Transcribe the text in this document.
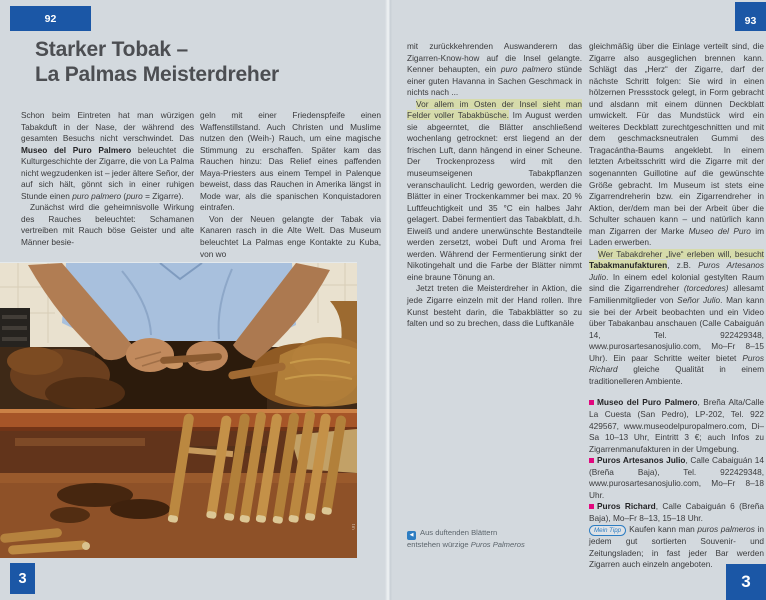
92	93
3	3
Starker Tobak –
La Palmas Meisterdreher

Schon beim Eintreten hat man würzigen Tabakduft in der Nase, der während des gesamten Besuchs nicht verschwindet. Das Museo del Puro Palmero beleuchtet die Kulturgeschichte der Zigarre, die von La Palma nicht wegzudenken ist – jeder ältere Señor, der auf sich hält, gönnt sich in einer ruhigen Stunde einen puro palmero (puro = Zigarre).

Zunächst wird die geheimnisvolle Wirkung des Rauches beleuchtet: Schamanen vertreiben mit Rauch böse Geister und alte Männer besie-

geln mit einer Friedenspfeife einen Waffenstillstand. Auch Christen und Muslime nutzen den (Weih-) Rauch, um eine magische Stimmung zu erschaffen. Später kam das Rauchen hinzu: Das Relief eines paffenden Maya-Priesters aus einem Tempel in Palenque beweist, dass das Rauchen in Amerika längst in Mode war, als die spanischen Konquistadoren eintrafen.

Von der Neuen gelangte der Tabak via Kanaren rasch in die Alte Welt. Das Museum beleuchtet La Palmas enge Kontakte zu Kuba, von wo

tm

mit zurückkehrenden Auswanderern das Zigarren-Know-how auf die Insel gelangte. Kenner behaupten, ein puro palmero stünde einer guten Havanna in Sachen Geschmack in nichts nach ...

Vor allem im Osten der Insel sieht man Felder voller Tabakbüsche. Im August werden sie abgeerntet, die Blätter anschließend wochenlang getrocknet: erst liegend an der frischen Luft, dann hängend in einer Scheune. Der Trockenprozess wird mit den museumseigenen Tabakpflanzen veranschaulicht. Ledrig geworden, werden die Blätter in einer Trockenkammer bei max. 20 % Luftfeuchtigkeit und 35 °C ein halbes Jahr gelagert. Dabei fermentiert das Tabakblatt, d.h. Eiweiß und andere unerwünschte Bestandteile werden zersetzt, wobei Duft und Aroma frei werden. Während der Fermentierung sinkt der Nikotingehalt und die Farbe der Blätter nimmt eine braune Tönung an.

Jetzt treten die Meisterdreher in Aktion, die jede Zigarre einzeln mit der Hand rollen. Ihre Kunst besteht darin, die Tabakblätter so zu falten und so zu brechen, dass die Luftkanäle

◀ Aus duftenden Blättern
entstehen würzige Puros Palmeros

gleichmäßig über die Einlage verteilt sind, die Zigarre also ausgeglichen brennen kann. Schlägt das „Herz“ der Zigarre, darf der nächste Schritt folgen: Sie wird in einen hölzernen Pressstock gelegt, in Form gebracht und alsdann mit einem dünnen Deckblatt umwickelt. Für das Mundstück wird ein weiteres Deckblatt zurechtgeschnitten und mit dem geschmacksneutralen Gummi des Tragacántha-Baums angeklebt. In einem letzten Arbeitsschritt wird die Zigarre mit der sogenannten Guillotine auf die gewünschte Größe gebracht. Im Museum ist stets eine Zigarrendreherin bzw. ein Zigarrendreher in Aktion, der/dem man bei der Arbeit über die Schulter schauen kann – und natürlich kann man Zigarren der Marke Museo del Puro im Laden erwerben.

Wer Tabakdreher „live“ erleben will, besucht Tabakmanufakturen, z.B. Puros Artesanos Julio. In einem edel kolonial gestylten Raum sind die Zigarrendreher (torcedores) allesamt Familienmitglieder von Señor Julio. Man kann sie bei der Arbeit beobachten und ein Video über Tabakanbau anschauen (Calle Cabaiguán 14, Tel. 922429348, www.purosartesanosjulio.com, Mo–Fr 8–15 Uhr). Ein paar Schritte weiter bietet Puros Richard gleiche Qualität in einem traditionelleren Ambiente.

Museo del Puro Palmero, Breña Alta/Calle La Cuesta (San Pedro), LP-202, Tel. 922 429567, www.museodelpuropalmero.com, Di–Sa 10–13 Uhr, Eintritt 3 €; auch Infos zu Zigarrenmanufakturen in der Umgebung.

Puros Artesanos Julio, Calle Cabaiguán 14 (Breña Baja), Tel. 922429348, www.purosartesanosjulio.com, Mo–Fr 8–18 Uhr.

Puros Richard, Calle Cabaiguán 6 (Breña Baja), Mo–Fr 8–13, 15–18 Uhr.

Mein Tipp Kaufen kann man puros palmeros in jedem gut sortierten Souvenir- und Zeitungsladen; in fast jeder Bar werden Zigarren auch einzeln angeboten.
